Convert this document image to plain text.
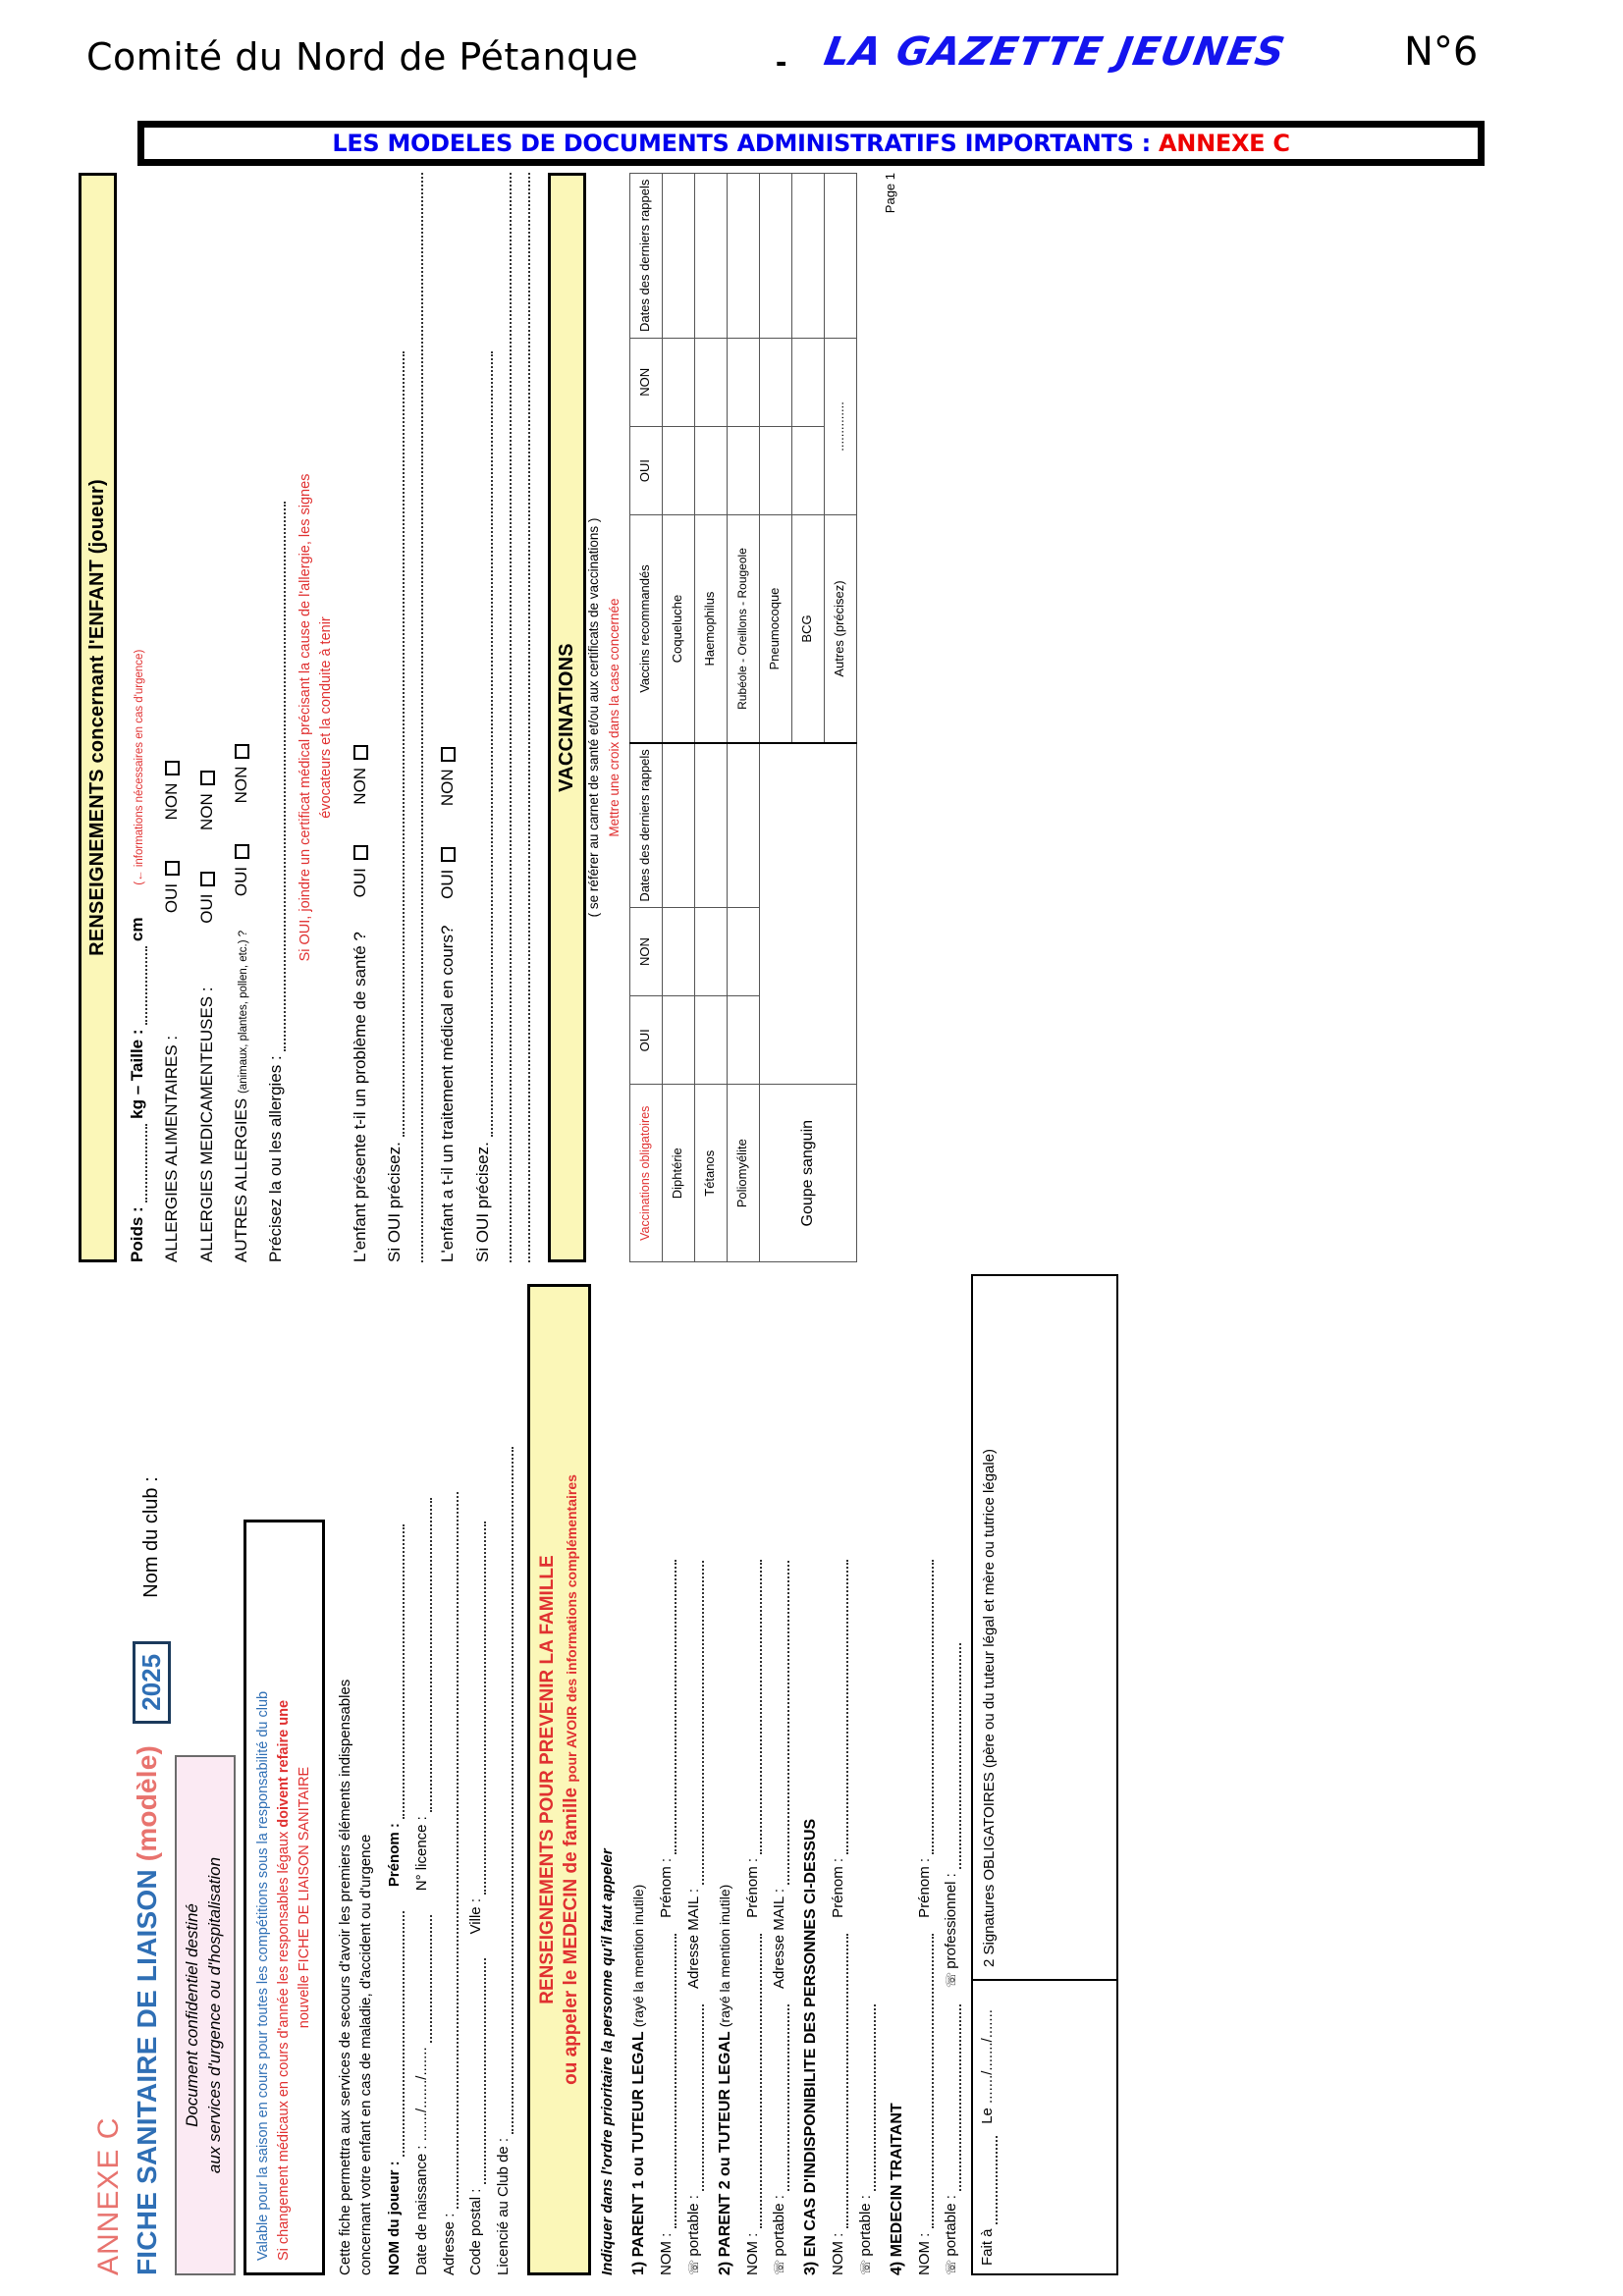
Comité du Nord de Pétanque	- LA GAZETTE JEUNES	N°6
LES MODELES DE DOCUMENTS ADMINISTRATIFS IMPORTANTS : ANNEXE C
ANNEXE C FICHE SANITAIRE DE LIAISON (modèle) 2025 Nom du club :
Document confidentiel destiné aux services d'urgence ou d'hospitalisation Valable pour la saison en cours pour toutes les compétitions sous la responsabilité du club Si changement médicaux en cours d'année les responsables légaux doivent refaire une
nouvelle FICHE DE LIAISON SANITAIRE Cette fiche permettra aux services de secours d'avoir les premiers éléments indispensables concernant votre enfant en cas de maladie, d'accident ou d'urgence NOM du joueur :       Prénom :
Date de naissance : ......./......./.......       N° licence :
Adresse : Code postal :       Ville :
Licencié au Club de :
RENSEIGNEMENTS POUR PREVENIR LA FAMILLE ou appeler le MEDECIN de famille pour AVOIR des informations complémentaires
Indiquer dans l'ordre prioritaire la personne qu'il faut appeler 1) PARENT 1 ou TUTEUR LEGAL (rayé la mention inutile)
NOM :     Prénom :
☏ portable :     Adresse MAIL :
2) PARENT 2 ou TUTEUR LEGAL (rayé la mention inutile)
NOM :     Prénom :
☏ portable :     Adresse MAIL : 3) EN CAS D'INDISPONIBILITE DES PERSONNES CI-DESSUS NOM :     Prénom :
☏ portable : 4) MEDECIN TRAITANT NOM :     Prénom :
☏ portable :     ☏ professionnel :
Fait à    Le ......./......./.......
2 Signatures OBLIGATOIRES (père ou du tuteur légal et mère ou tutrice légale)
RENSEIGNEMENTS concernant l'ENFANT (joueur)
Poids :  kg – Taille :  cm (← informations nécessaires en cas d'urgence)
ALLERGIES ALIMENTAIRES : OUI  NON
ALLERGIES MEDICAMENTEUSES : OUI  NON
AUTRES ALLERGIES (animaux, plantes, pollen, etc.) ? OUI  NON
Précisez la ou les allergies :
Si OUI, joindre un certificat médical précisant la cause de l'allergie, les signes évocateurs et la conduite à tenir
L'enfant présente t-il un problème de santé ? OUI  NON
Si OUI précisez. L'enfant a t-il un traitement médical en cours? OUI  NON
Si OUI précisez.
VACCINATIONS ( se référer au carnet de santé et/ou aux certificats de vaccinations ) Mettre une croix dans la case concernée
Vaccinations obligatoires	OUI	NON	Dates des derniers rappels	Vaccins recommandés	OUI	NON	Dates des derniers rappels
Diphtérie				Coqueluche			
Tétanos				Haemophilus			
Poliomyélite				Rubéole - Oreillons - Rougeole			
Goupe sanguin				Pneumocoque			
				BCG			
				Autres (précisez)	..............		
Page 1
